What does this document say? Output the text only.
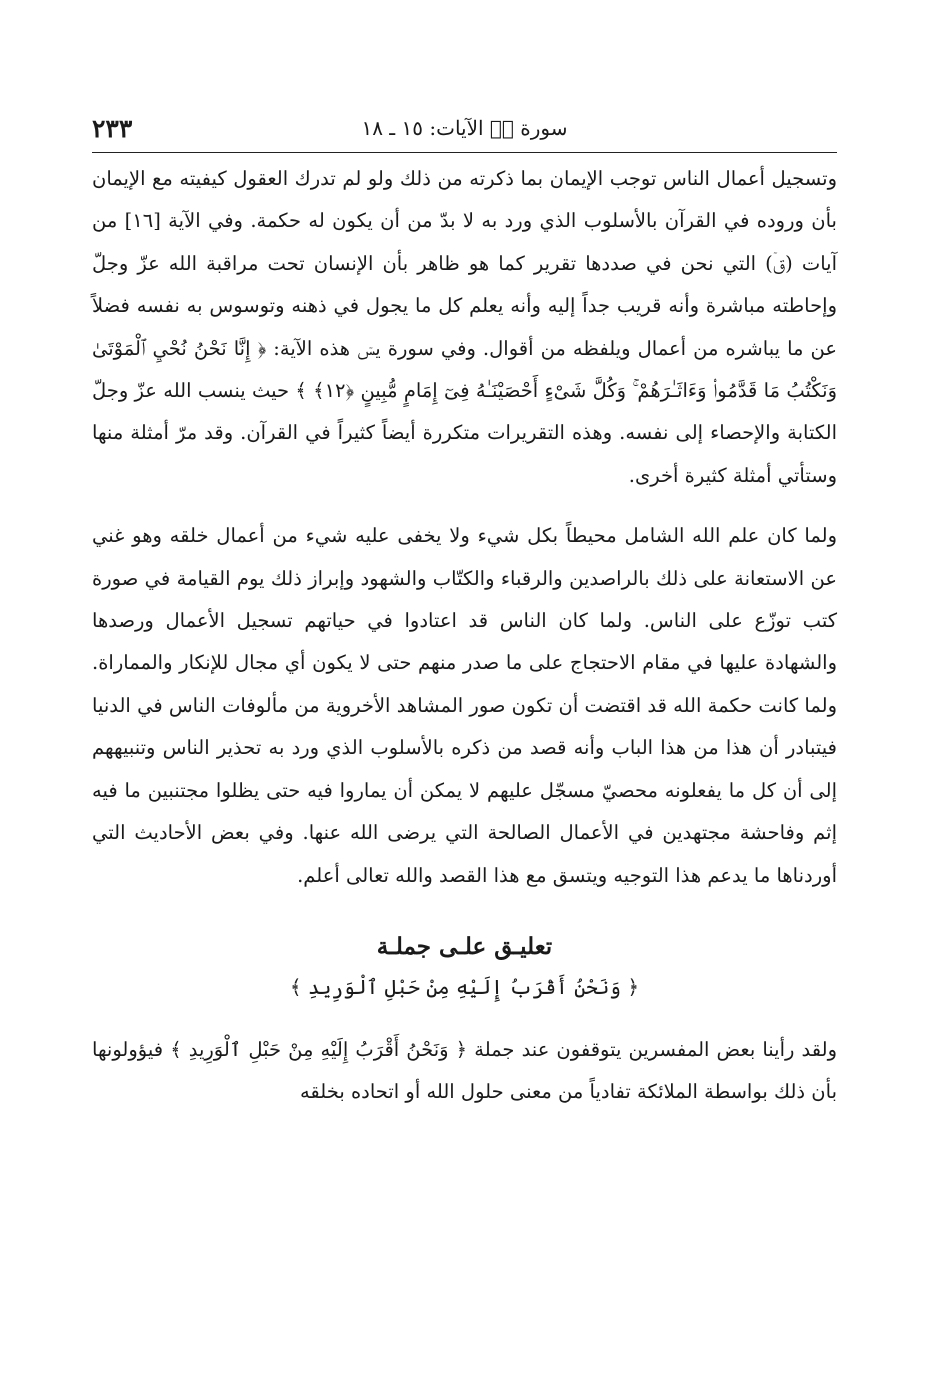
سورة قۤ الآيات: ١٥ ـ ١٨
٢٣٣

وتسجيل أعمال الناس توجب الإيمان بما ذكرته من ذلك ولو لم تدرك العقول كيفيته مع الإيمان بأن وروده في القرآن بالأسلوب الذي ورد به لا بدّ من أن يكون له حكمة. وفي الآية [١٦] من آيات (قۤ) التي نحن في صددها تقرير كما هو ظاهر بأن الإنسان تحت مراقبة الله عزّ وجلّ وإحاطته مباشرة وأنه قريب جداً إليه وأنه يعلم كل ما يجول في ذهنه وتوسوس به نفسه فضلاً عن ما يباشره من أعمال ويلفظه من أقوال. وفي سورة يسۤ هذه الآية: ﴿ إِنَّا نَحْنُ نُحْيِ ٱلْمَوْتَىٰ وَنَكْتُبُ مَا قَدَّمُوا۟ وَءَاثَـٰرَهُمْ ۚ وَكُلَّ شَىْءٍ أَحْصَيْنَـٰهُ فِىٓ إِمَامٍ مُّبِينٍ ﴿١٢﴾ ﴾ حيث ينسب الله عزّ وجلّ الكتابة والإحصاء إلى نفسه. وهذه التقريرات متكررة أيضاً كثيراً في القرآن. وقد مرّ أمثلة منها وستأتي أمثلة كثيرة أخرى.

ولما كان علم الله الشامل محيطاً بكل شيء ولا يخفى عليه شيء من أعمال خلقه وهو غني عن الاستعانة على ذلك بالراصدين والرقباء والكتّاب والشهود وإبراز ذلك يوم القيامة في صورة كتب توزّع على الناس. ولما كان الناس قد اعتادوا في حياتهم تسجيل الأعمال ورصدها والشهادة عليها في مقام الاحتجاج على ما صدر منهم حتى لا يكون أي مجال للإنكار والمماراة. ولما كانت حكمة الله قد اقتضت أن تكون صور المشاهد الأخروية من مألوفات الناس في الدنيا فيتبادر أن هذا من هذا الباب وأنه قصد من ذكره بالأسلوب الذي ورد به تحذير الناس وتنبيههم إلى أن كل ما يفعلونه محصيّ مسجّل عليهم لا يمكن أن يماروا فيه حتى يظلوا مجتنبين ما فيه إثم وفاحشة مجتهدين في الأعمال الصالحة التي يرضى الله عنها. وفي بعض الأحاديث التي أوردناها ما يدعم هذا التوجيه ويتسق مع هذا القصد والله تعالى أعلم.

تعليـق علـى جملـة
﴿ وَنَحْنُ أَقْرَبُ إِلَيْهِ مِنْ حَبْلِ ٱلْوَرِيدِ ﴾

ولقد رأينا بعض المفسرين يتوقفون عند جملة ﴿ وَنَحْنُ أَقْرَبُ إِلَيْهِ مِنْ حَبْلِ ٱلْوَرِيدِ ﴾ فيؤولونها بأن ذلك بواسطة الملائكة تفادياً من معنى حلول الله أو اتحاده بخلقه
